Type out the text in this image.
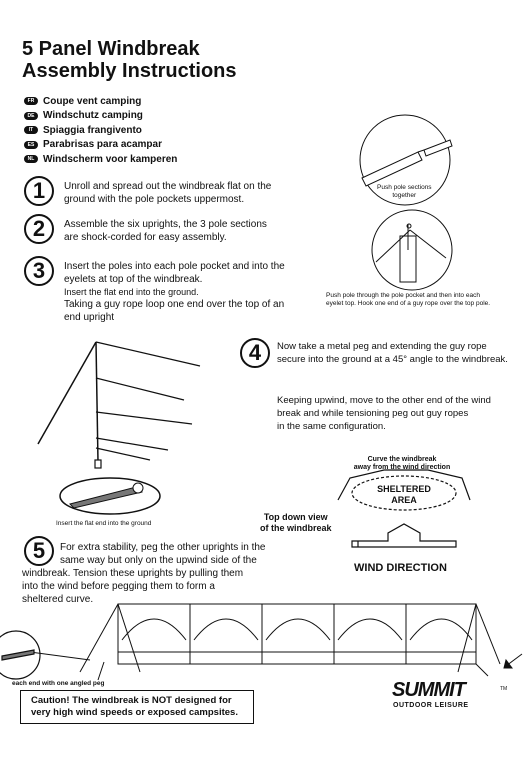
5 Panel Windbreak
Assembly Instructions
FR Coupe vent camping
DE Windschutz camping
IT Spiaggia frangivento
ES Parabrisas para acampar
NL Windscherm voor kamperen
1	Unroll and spread out the windbreak flat on the
ground with the pole pockets uppermost.
2	Assemble the six uprights, the 3 pole sections
are shock-corded for easy assembly.
3	Insert the poles into each pole pocket and into the
eyelets at top of the windbreak.
Insert the flat end into the ground.
Taking a guy rope loop one end over the top of an
end upright
4	Now take a metal peg and extending the guy rope
secure into the ground at a 45° angle to the windbreak.
Keeping upwind, move to the other end of the wind
break and while tensioning peg out guy ropes
in the same configuration.
5	For extra stability, peg the other uprights in the
same way but only on the upwind side of the
windbreak. Tension these uprights by pulling them
into the wind before pegging them to form a
sheltered curve.
Push pole sections
together
Push pole through the pole pocket and then into each
eyelet top. Hook one end of a guy rope over the top pole.
Insert the flat end into the ground
each end with one angled peg
Curve the windbreak
away from the wind direction
SHELTERED
AREA
Top down view
of the windbreak
WIND DIRECTION
Caution! The windbreak is NOT designed for
very high wind speeds or exposed campsites.
SUMMIT
OUTDOOR LEISURE
TM
